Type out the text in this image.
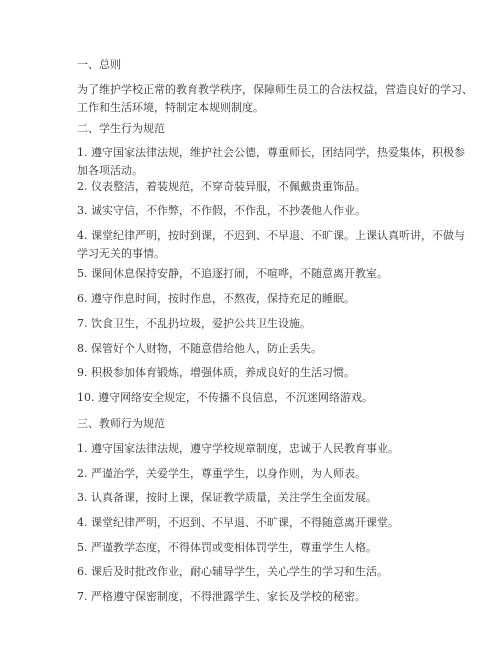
一、总则
为了维护学校正常的教育教学秩序，保障师生员工的合法权益，营造良好的学习、
工作和生活环境，特制定本规则制度。
二、学生行为规范
1. 遵守国家法律法规，维护社会公德，尊重师长，团结同学，热爱集体，积极参
加各项活动。
2. 仪表整洁，着装规范，不穿奇装异服，不佩戴贵重饰品。
3. 诚实守信，不作弊，不作假，不作乱，不抄袭他人作业。
4. 课堂纪律严明，按时到课，不迟到、不早退、不旷课。上课认真听讲，不做与
学习无关的事情。
5. 课间休息保持安静，不追逐打闹，不喧哗，不随意离开教室。
6. 遵守作息时间，按时作息，不熬夜，保持充足的睡眠。
7. 饮食卫生，不乱扔垃圾，爱护公共卫生设施。
8. 保管好个人财物，不随意借给他人，防止丢失。
9. 积极参加体育锻炼，增强体质，养成良好的生活习惯。
10. 遵守网络安全规定，不传播不良信息，不沉迷网络游戏。
三、教师行为规范
1. 遵守国家法律法规，遵守学校规章制度，忠诚于人民教育事业。
2. 严谨治学，关爱学生，尊重学生，以身作则，为人师表。
3. 认真备课，按时上课，保证教学质量，关注学生全面发展。
4. 课堂纪律严明，不迟到、不早退、不旷课，不得随意离开课堂。
5. 严谨教学态度，不得体罚或变相体罚学生，尊重学生人格。
6. 课后及时批改作业，耐心辅导学生，关心学生的学习和生活。
7. 严格遵守保密制度，不得泄露学生、家长及学校的秘密。
